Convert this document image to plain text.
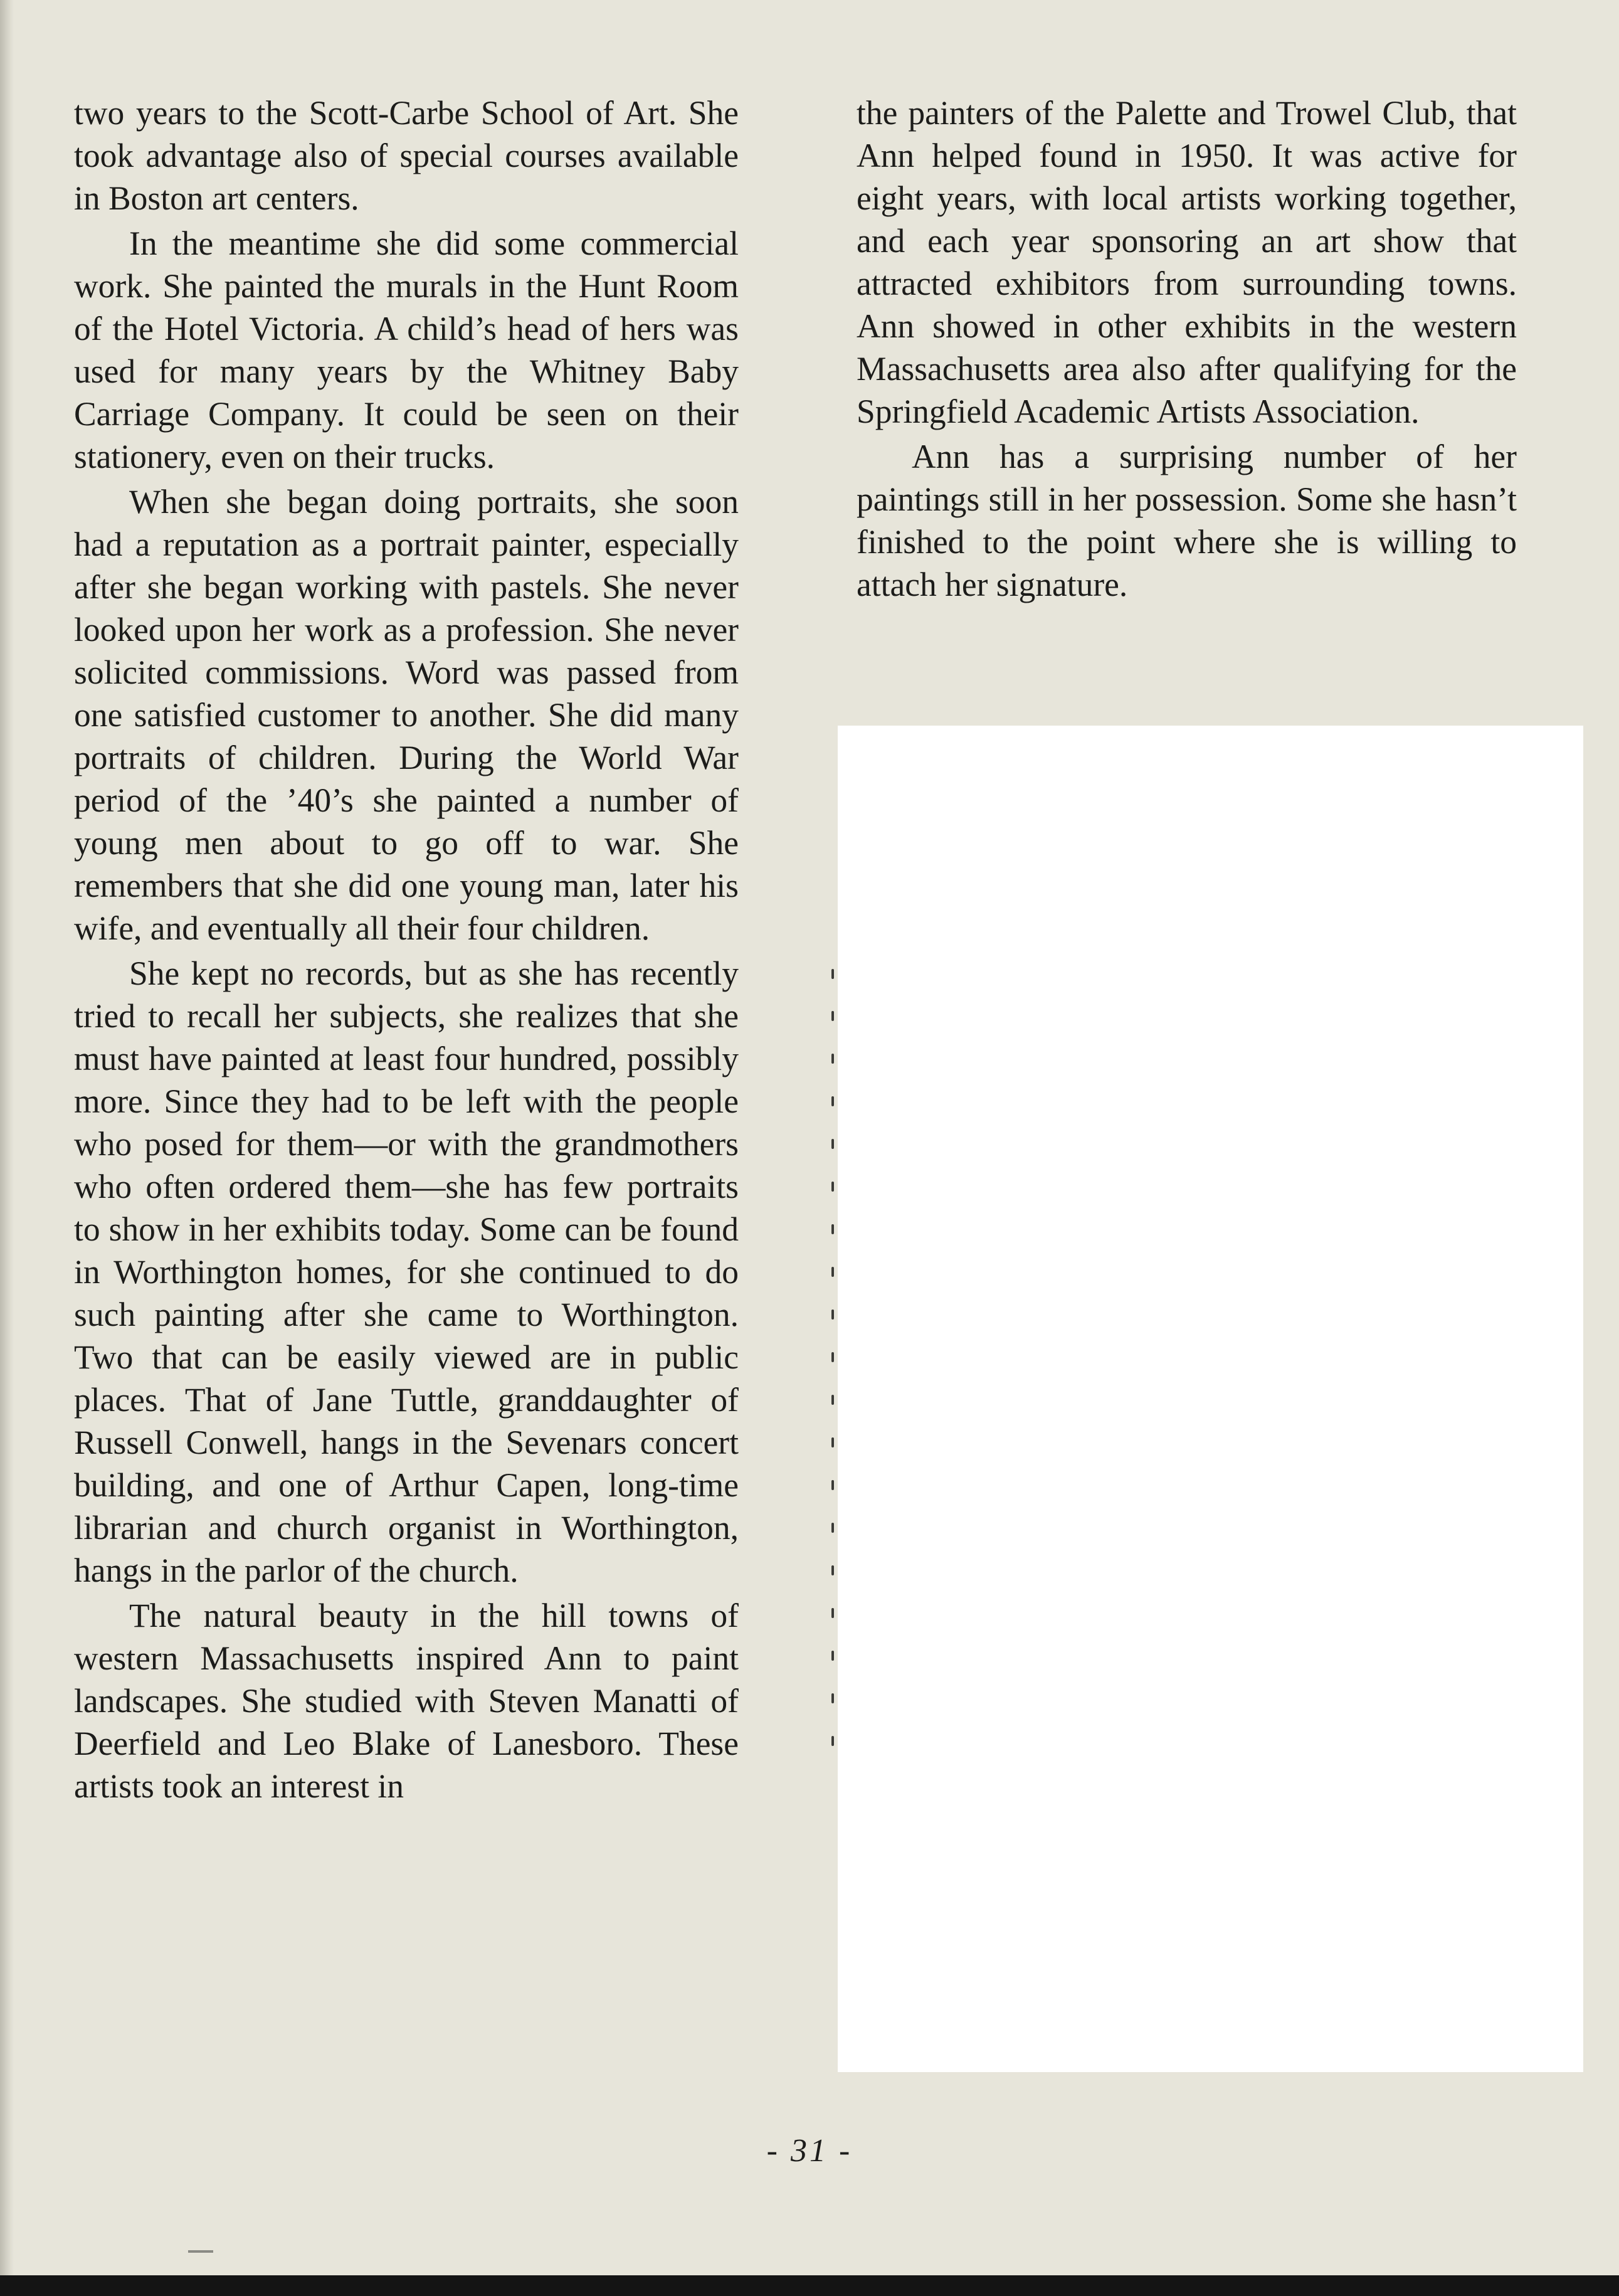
two years to the Scott-Carbe School of Art. She took advantage also of special courses available in Boston art centers.

In the meantime she did some commercial work. She painted the murals in the Hunt Room of the Hotel Victoria. A child’s head of hers was used for many years by the Whitney Baby Carriage Company. It could be seen on their stationery, even on their trucks.

When she began doing portraits, she soon had a reputation as a portrait painter, especially after she began working with pastels. She never looked upon her work as a profession. She never solicited commissions. Word was passed from one satisfied customer to another. She did many portraits of children. During the World War period of the ’40’s she painted a number of young men about to go off to war. She remembers that she did one young man, later his wife, and eventually all their four children.

She kept no records, but as she has recently tried to recall her subjects, she realizes that she must have painted at least four hundred, possibly more. Since they had to be left with the people who posed for them—or with the grandmothers who often ordered them—she has few portraits to show in her exhibits today. Some can be found in Worthington homes, for she continued to do such painting after she came to Worthington. Two that can be easily viewed are in public places. That of Jane Tuttle, granddaughter of Russell Conwell, hangs in the Sevenars concert building, and one of Arthur Capen, long-time librarian and church organist in Worthington, hangs in the parlor of the church.

The natural beauty in the hill towns of western Massachusetts inspired Ann to paint landscapes. She studied with Steven Manatti of Deerfield and Leo Blake of Lanesboro. These artists took an interest in

the painters of the Palette and Trowel Club, that Ann helped found in 1950. It was active for eight years, with local artists working together, and each year sponsoring an art show that attracted exhibitors from surrounding towns. Ann showed in other exhibits in the western Massachusetts area also after qualifying for the Springfield Academic Artists Association.

Ann has a surprising number of her paintings still in her possession. Some she hasn’t finished to the point where she is willing to attach her signature.

- 31 -
